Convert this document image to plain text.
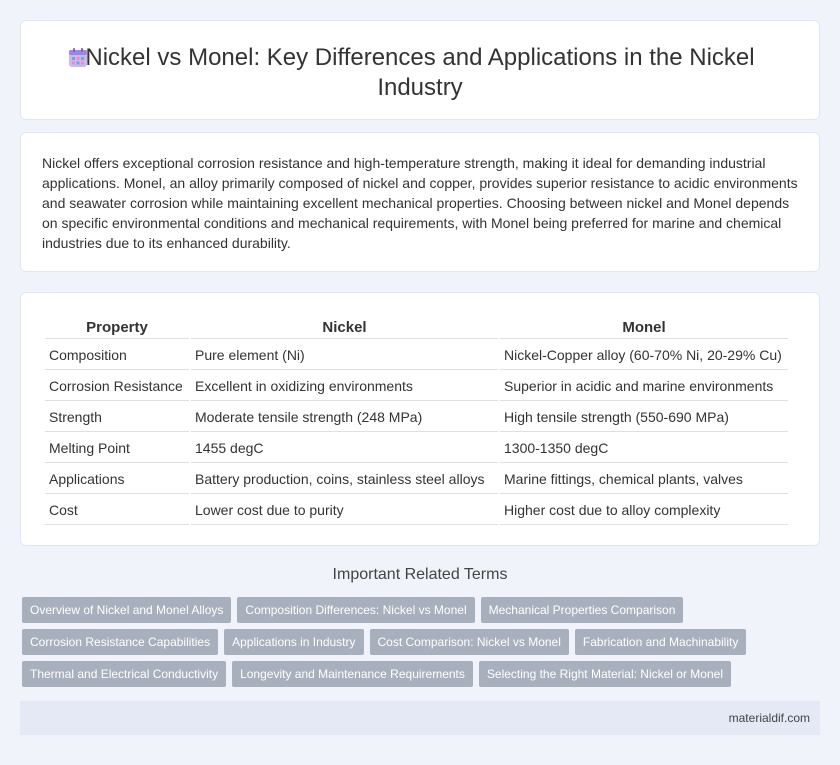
Nickel vs Monel: Key Differences and Applications in the Nickel
Industry

Nickel offers exceptional corrosion resistance and high-temperature strength, making it ideal for demanding industrial applications. Monel, an alloy primarily composed of nickel and copper, provides superior resistance to acidic environments and seawater corrosion while maintaining excellent mechanical properties. Choosing between nickel and Monel depends on specific environmental conditions and mechanical requirements, with Monel being preferred for marine and chemical industries due to its enhanced durability.

Property	Nickel	Monel
Composition	Pure element (Ni)	Nickel-Copper alloy (60-70% Ni, 20-29% Cu)
Corrosion Resistance	Excellent in oxidizing environments	Superior in acidic and marine environments
Strength	Moderate tensile strength (248 MPa)	High tensile strength (550-690 MPa)
Melting Point	1455 degC	1300-1350 degC
Applications	Battery production, coins, stainless steel alloys	Marine fittings, chemical plants, valves
Cost	Lower cost due to purity	Higher cost due to alloy complexity
Important Related Terms
Overview of Nickel and Monel Alloys	Composition Differences: Nickel vs Monel	Mechanical Properties Comparison
Corrosion Resistance Capabilities	Applications in Industry	Cost Comparison: Nickel vs Monel	Fabrication and Machinability
Thermal and Electrical Conductivity	Longevity and Maintenance Requirements	Selecting the Right Material: Nickel or Monel
materialdif.com
